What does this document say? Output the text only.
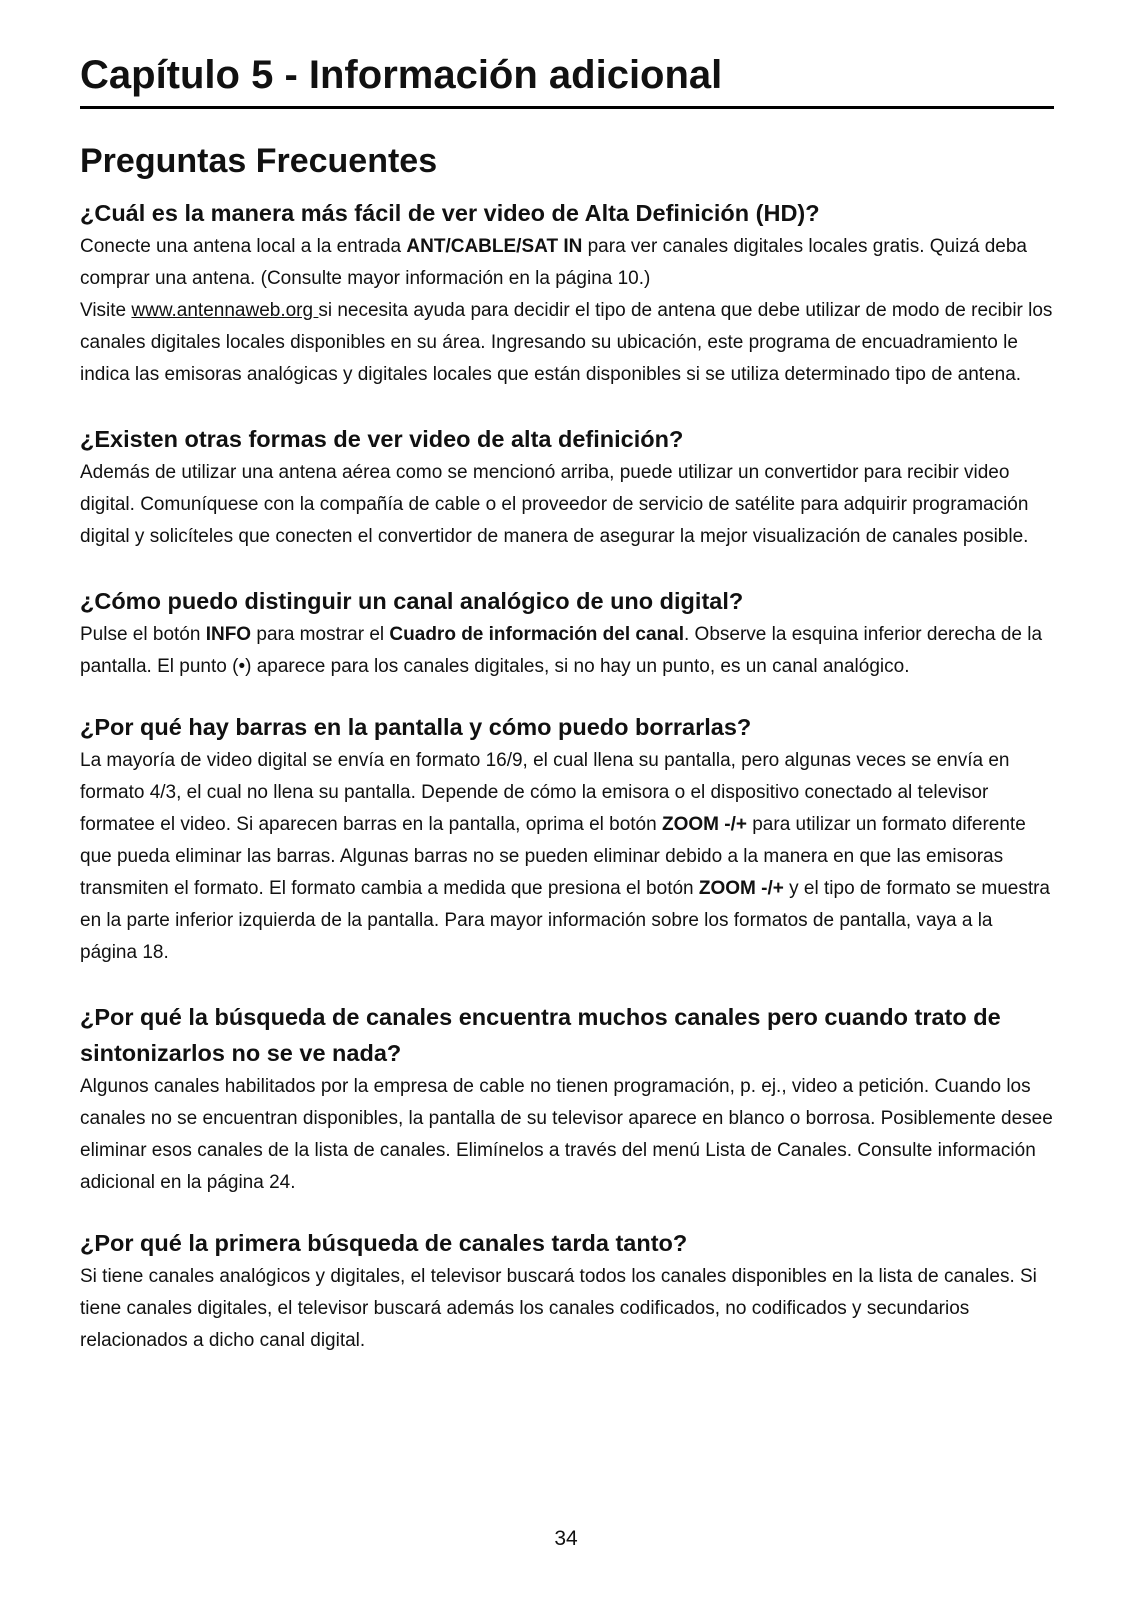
Capítulo 5 - Información adicional
Preguntas Frecuentes
¿Cuál es la manera más fácil de ver video de Alta Definición (HD)?

Conecte una antena local a la entrada ANT/CABLE/SAT IN para ver canales digitales locales gratis. Quizá deba comprar una antena. (Consulte mayor información en la página 10.)

Visite www.antennaweb.org si necesita ayuda para decidir el tipo de antena que debe utilizar de modo de recibir los canales digitales locales disponibles en su área. Ingresando su ubicación, este programa de encuadramiento le indica las emisoras analógicas y digitales locales que están disponibles si se utiliza determinado tipo de antena.

¿Existen otras formas de ver video de alta definición?

Además de utilizar una antena aérea como se mencionó arriba, puede utilizar un convertidor para recibir video digital. Comuníquese con la compañía de cable o el proveedor de servicio de satélite para adquirir programación digital y solicíteles que conecten el convertidor de manera de asegurar la mejor visualización de canales posible.

¿Cómo puedo distinguir un canal analógico de uno digital?

Pulse el botón INFO para mostrar el Cuadro de información del canal. Observe la esquina inferior derecha de la pantalla. El punto (•) aparece para los canales digitales, si no hay un punto, es un canal analógico.

¿Por qué hay barras en la pantalla y cómo puedo borrarlas?

La mayoría de video digital se envía en formato 16/9, el cual llena su pantalla, pero algunas veces se envía en formato 4/3, el cual no llena su pantalla. Depende de cómo la emisora o el dispositivo conectado al televisor formatee el video. Si aparecen barras en la pantalla, oprima el botón ZOOM -/+ para utilizar un formato diferente que pueda eliminar las barras. Algunas barras no se pueden eliminar debido a la manera en que las emisoras transmiten el formato. El formato cambia a medida que presiona el botón ZOOM -/+ y el tipo de formato se muestra en la parte inferior izquierda de la pantalla. Para mayor información sobre los formatos de pantalla, vaya a la página 18.

¿Por qué la búsqueda de canales encuentra muchos canales pero cuando trato de sintonizarlos no se ve nada?

Algunos canales habilitados por la empresa de cable no tienen programación, p. ej., video a petición. Cuando los canales no se encuentran disponibles, la pantalla de su televisor aparece en blanco o borrosa. Posiblemente desee eliminar esos canales de la lista de canales. Elimínelos a través del menú Lista de Canales. Consulte información adicional en la página 24.

¿Por qué la primera búsqueda de canales tarda tanto?

Si tiene canales analógicos y digitales, el televisor buscará todos los canales disponibles en la lista de canales. Si tiene canales digitales, el televisor buscará además los canales codificados, no codificados y secundarios relacionados a dicho canal digital.

34
